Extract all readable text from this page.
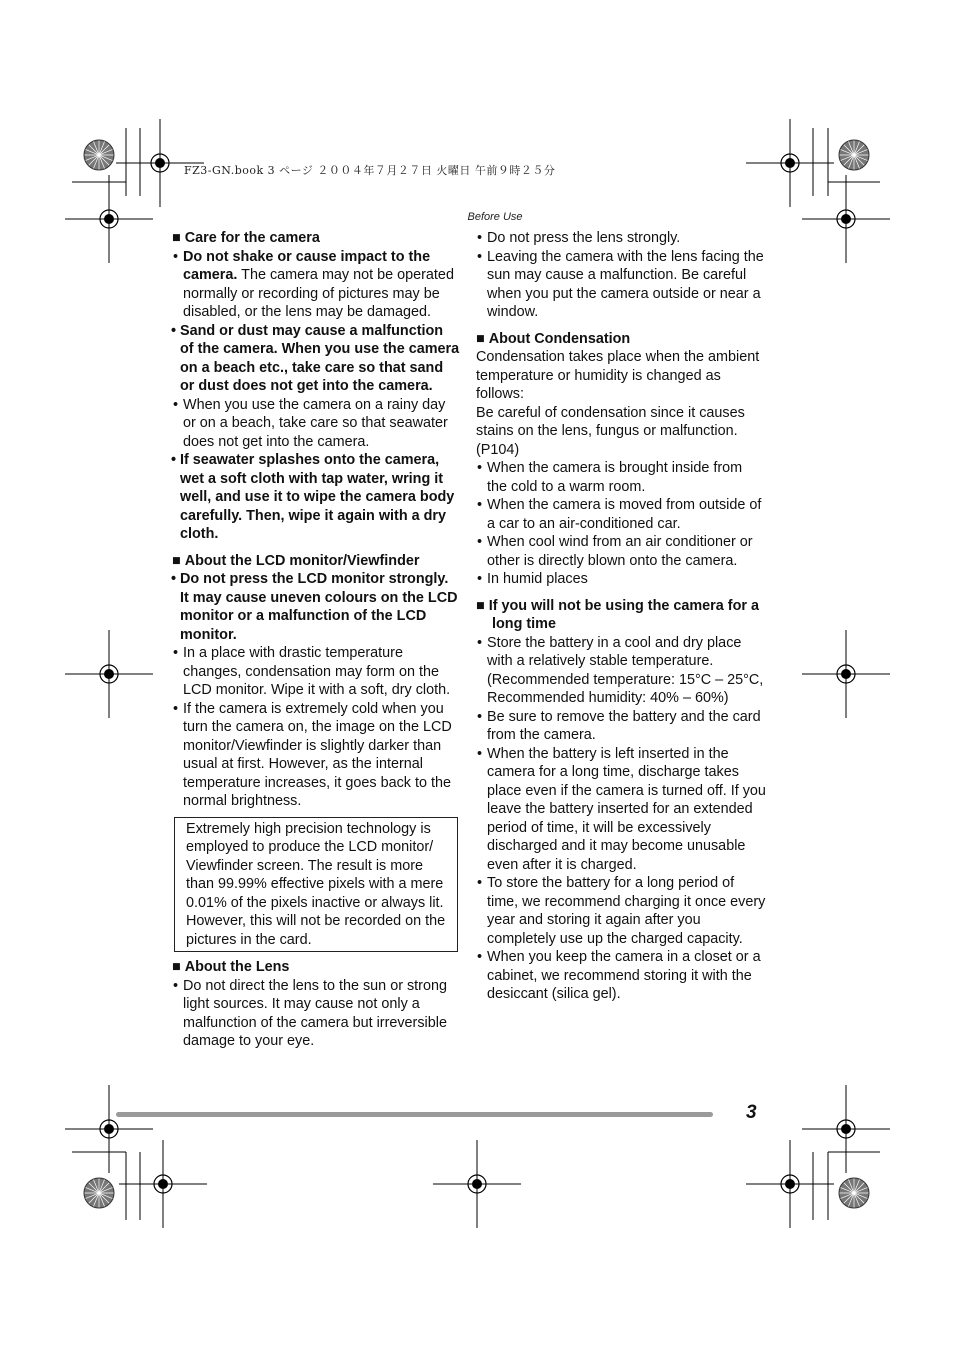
FZ3-GN.book 3 ページ ２００４年７月２７日 火曜日 午前９時２５分
Before Use

■ Care for the camera

• Do not shake or cause impact to the camera. The camera may not be operated normally or recording of pictures may be disabled, or the lens may be damaged.
• Sand or dust may cause a malfunction of the camera. When you use the camera on a beach etc., take care so that sand or dust does not get into the camera.
• When you use the camera on a rainy day or on a beach, take care so that seawater does not get into the camera.
• If seawater splashes onto the camera, wet a soft cloth with tap water, wring it well, and use it to wipe the camera body carefully. Then, wipe it again with a dry cloth.

■ About the LCD monitor/Viewfinder

• Do not press the LCD monitor strongly. It may cause uneven colours on the LCD monitor or a malfunction of the LCD monitor.
• In a place with drastic temperature changes, condensation may form on the LCD monitor. Wipe it with a soft, dry cloth.
• If the camera is extremely cold when you turn the camera on, the image on the LCD monitor/Viewfinder is slightly darker than usual at first. However, as the internal temperature increases, it goes back to the normal brightness.
Extremely high precision technology is employed to produce the LCD monitor/ Viewfinder screen. The result is more than 99.99% effective pixels with a mere 0.01% of the pixels inactive or always lit. However, this will not be recorded on the pictures in the card.

■ About the Lens

• Do not direct the lens to the sun or strong light sources. It may cause not only a malfunction of the camera but irreversible damage to your eye.
• Do not press the lens strongly.
• Leaving the camera with the lens facing the sun may cause a malfunction. Be careful when you put the camera outside or near a window.

■ About Condensation

Condensation takes place when the ambient temperature or humidity is changed as follows:

Be careful of condensation since it causes stains on the lens, fungus or malfunction. (P104)

• When the camera is brought inside from the cold to a warm room.
• When the camera is moved from outside of a car to an air-conditioned car.
• When cool wind from an air conditioner or other is directly blown onto the camera.
• In humid places

■ If you will not be using the camera for a long time

• Store the battery in a cool and dry place with a relatively stable temperature. (Recommended temperature: 15°C – 25°C, Recommended humidity: 40% – 60%)
• Be sure to remove the battery and the card from the camera.
• When the battery is left inserted in the camera for a long time, discharge takes place even if the camera is turned off. If you leave the battery inserted for an extended period of time, it will be excessively discharged and it may become unusable even after it is charged.
• To store the battery for a long period of time, we recommend charging it once every year and storing it again after you completely use up the charged capacity.
• When you keep the camera in a closet or a cabinet, we recommend storing it with the desiccant (silica gel).
3
